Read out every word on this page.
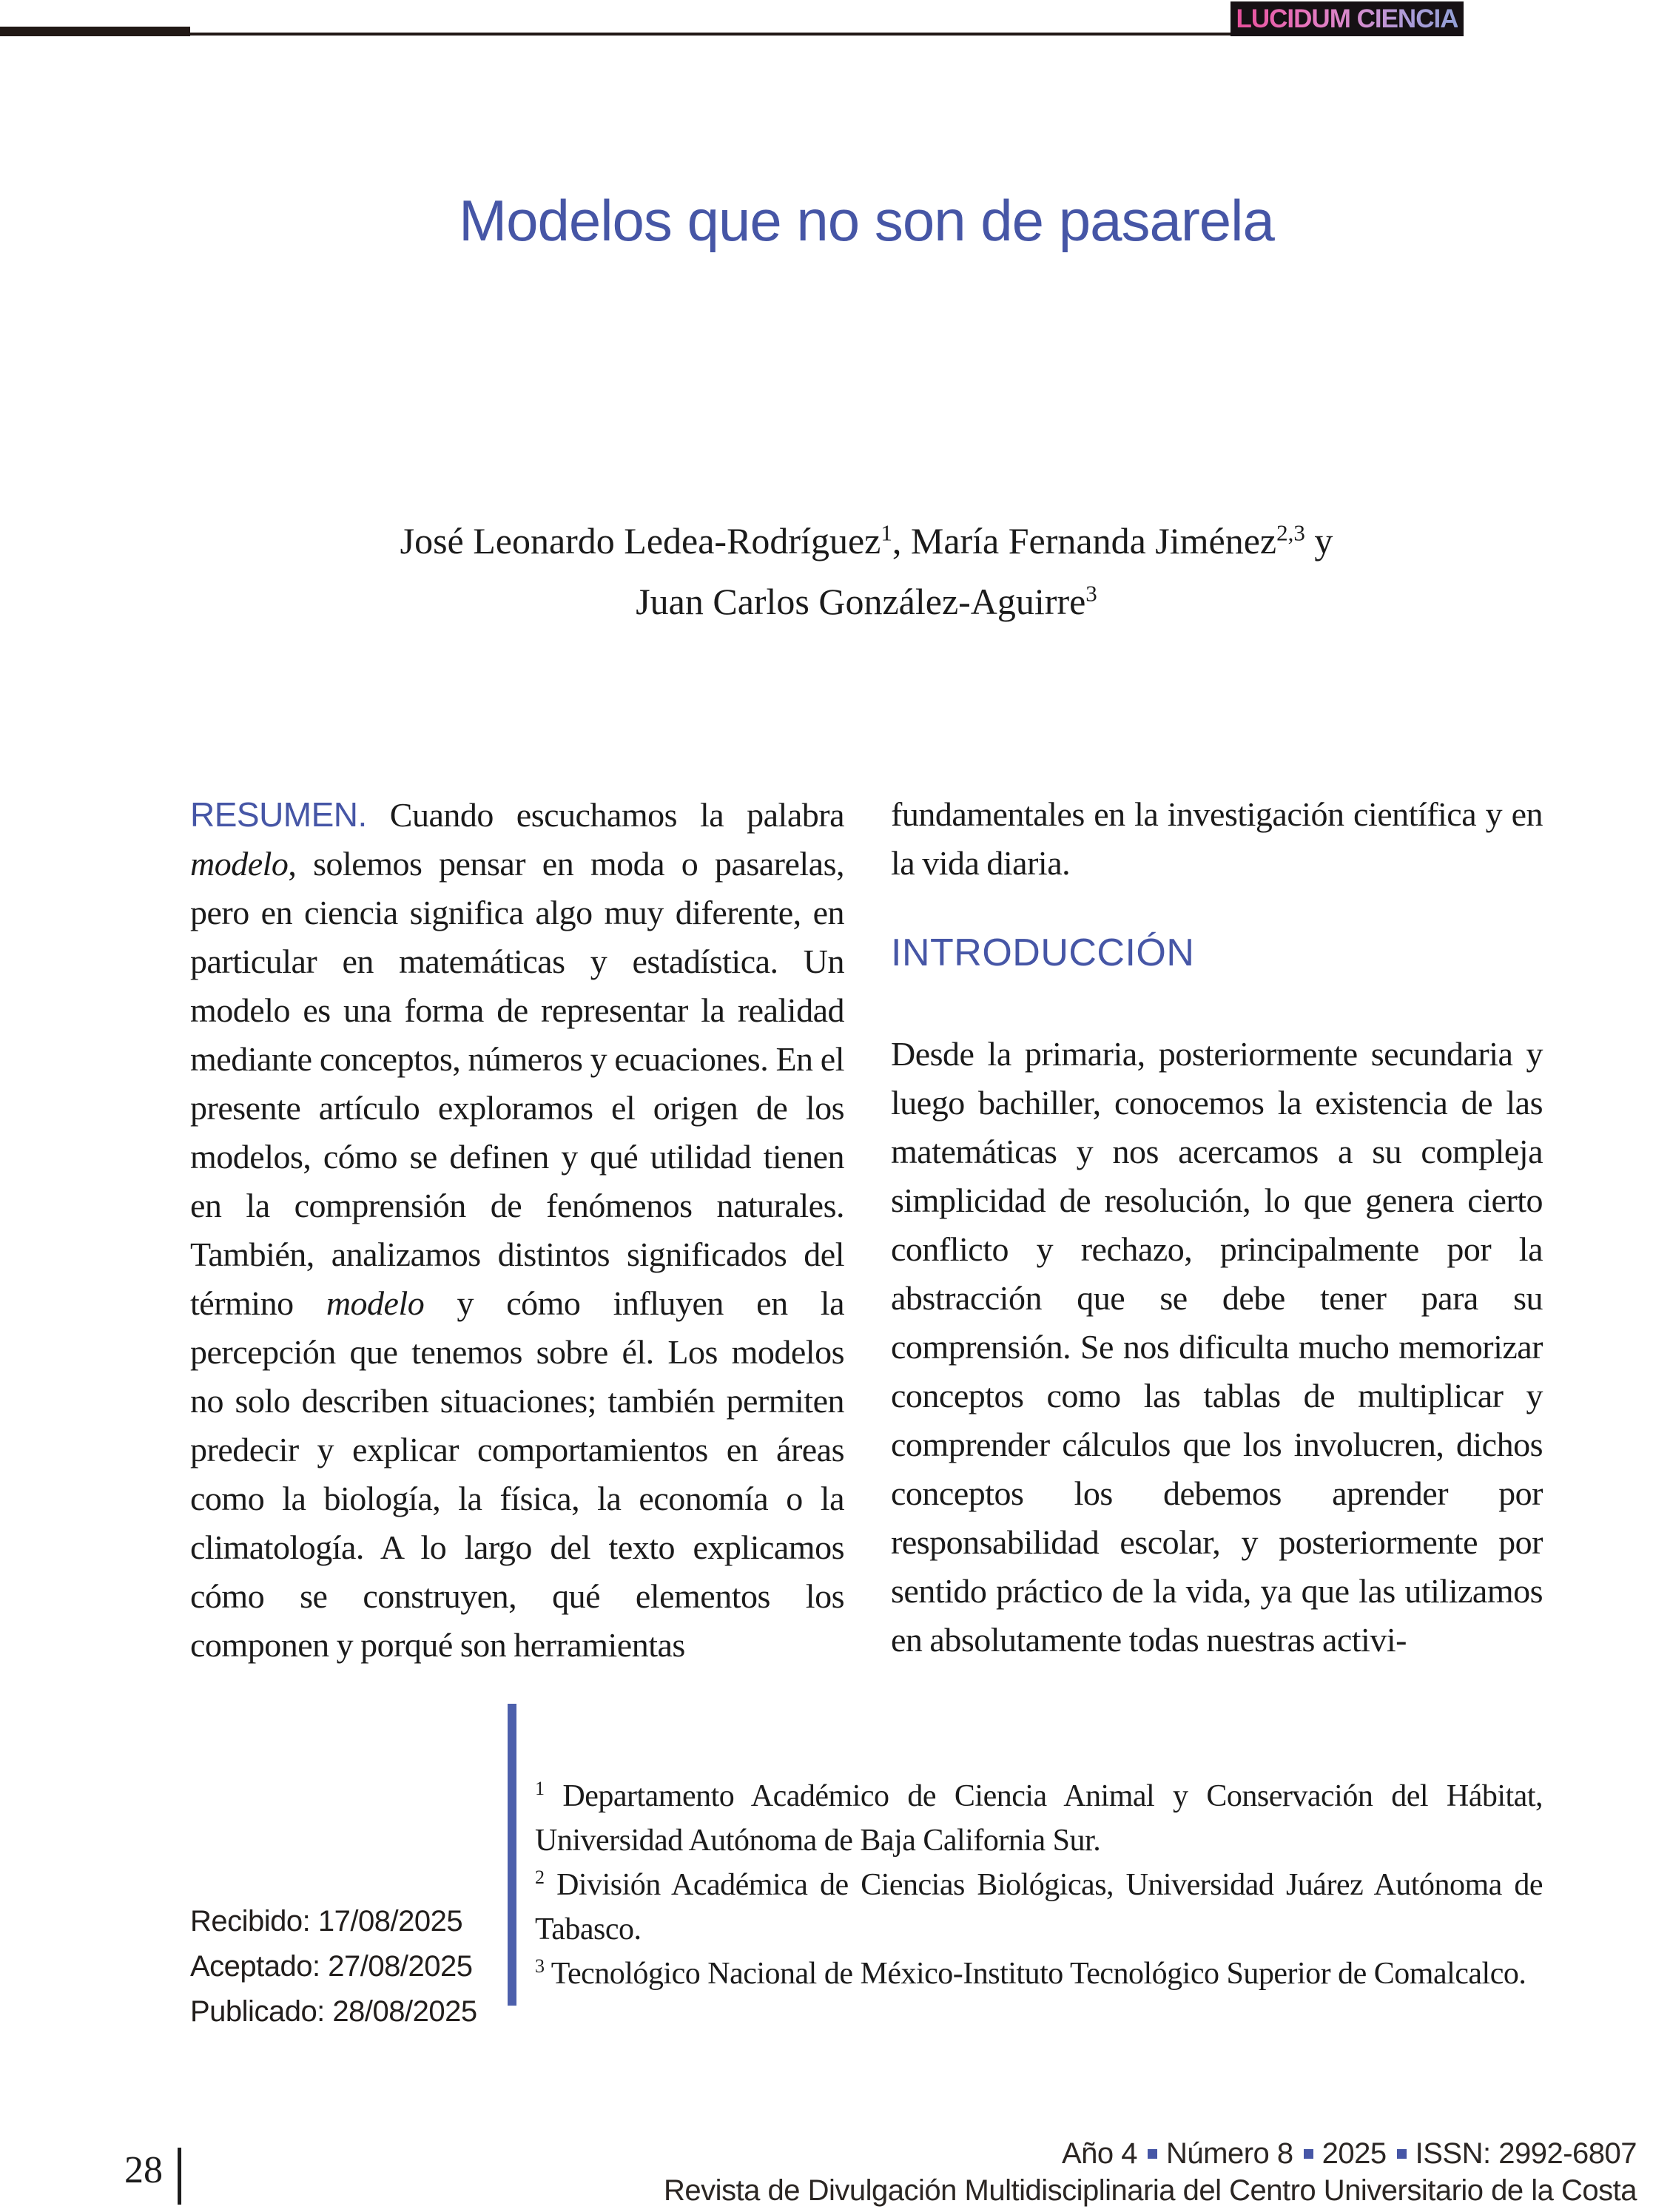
LUCIDUM CIENCIA
Modelos que no son de pasarela
José Leonardo Ledea-Rodríguez$^1$, María Fernanda Jiménez$^{2,3}$ y
Juan Carlos González-Aguirre$^3$

RESUMEN. Cuando escuchamos la palabra modelo, solemos pensar en moda o pasarelas, pero en ciencia significa algo muy diferente, en particular en matemáticas y estadística. Un modelo es una forma de representar la realidad mediante conceptos, números y ecuaciones. En el presente artículo exploramos el origen de los modelos, cómo se definen y qué utilidad tienen en la comprensión de fenómenos naturales. También, analizamos distintos significados del término modelo y cómo influyen en la percepción que tenemos sobre él. Los modelos no solo describen situaciones; también permiten predecir y explicar comportamientos en áreas como la biología, la física, la economía o la climatología. A lo largo del texto explicamos cómo se construyen, qué elementos los componen y porqué son herramientas

fundamentales en la investigación científica y en la vida diaria.

INTRODUCCIÓN

Desde la primaria, posteriormente secundaria y luego bachiller, conocemos la existencia de las matemáticas y nos acercamos a su compleja simplicidad de resolución, lo que genera cierto conflicto y rechazo, principalmente por la abstracción que se debe tener para su comprensión. Se nos dificulta mucho memorizar conceptos como las tablas de multiplicar y comprender cálculos que los involucren, dichos conceptos los debemos aprender por responsabilidad escolar, y posteriormente por sentido práctico de la vida, ya que las utilizamos en absolutamente todas nuestras activi-

Recibido: 17/08/2025
Aceptado: 27/08/2025
Publicado: 28/08/2025

$^1$ Departamento Académico de Ciencia Animal y Conservación del Hábitat, Universidad Autónoma de Baja California Sur.

$^2$ División Académica de Ciencias Biológicas, Universidad Juárez Autónoma de Tabasco.

$^3$ Tecnológico Nacional de México-Instituto Tecnológico Superior de Comalcalco.

28	Año 4 Número 8 2025 ISSN: 2992-6807
Revista de Divulgación Multidisciplinaria del Centro Universitario de la Costa
